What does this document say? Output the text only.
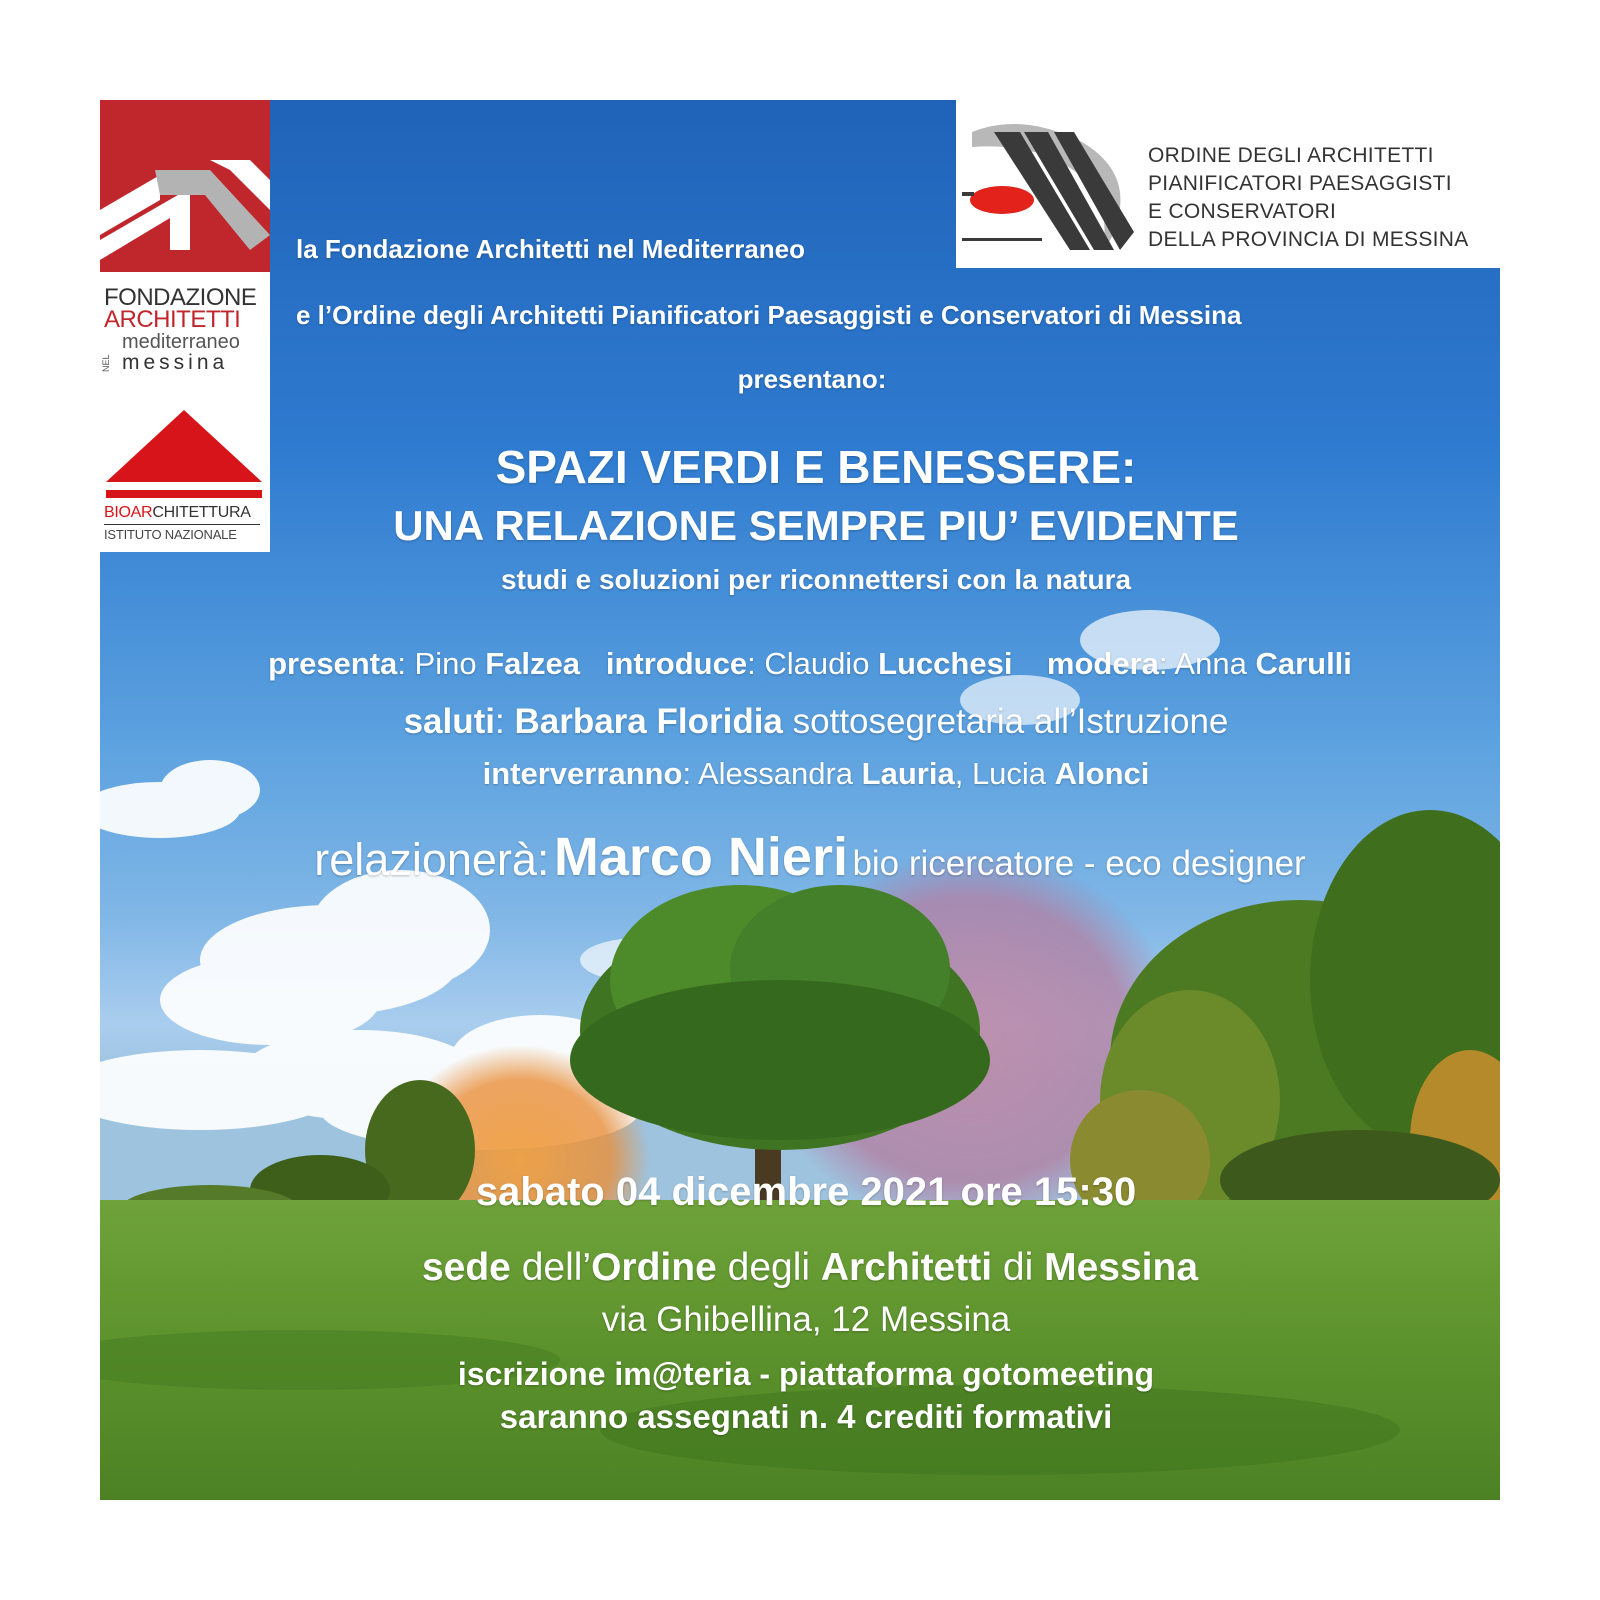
FONDAZIONE
ARCHITETTI
NEL
mediterraneo
messina
BIOARCHITETTURA
ISTITUTO NAZIONALE
ORDINE DEGLI ARCHITETTI
PIANIFICATORI PAESAGGISTI
E CONSERVATORI
DELLA PROVINCIA DI MESSINA
la Fondazione Architetti nel Mediterraneo
e l’Ordine degli Architetti Pianificatori Paesaggisti e Conservatori di Messina
presentano:
SPAZI VERDI E BENESSERE:
UNA RELAZIONE SEMPRE PIU’ EVIDENTE
studi e soluzioni per riconnettersi con la natura
presenta: Pino Falzea introduce: Claudio Lucchesi modera: Anna Carulli
saluti: Barbara Floridia sottosegretaria all’Istruzione
interverranno: Alessandra Lauria, Lucia Alonci
relazionerà: Marco Nieri bio ricercatore - eco designer
sabato 04 dicembre 2021 ore 15:30
sede dell’Ordine degli Architetti di Messina
via Ghibellina, 12 Messina
iscrizione im@teria - piattaforma gotomeeting
saranno assegnati n. 4 crediti formativi
